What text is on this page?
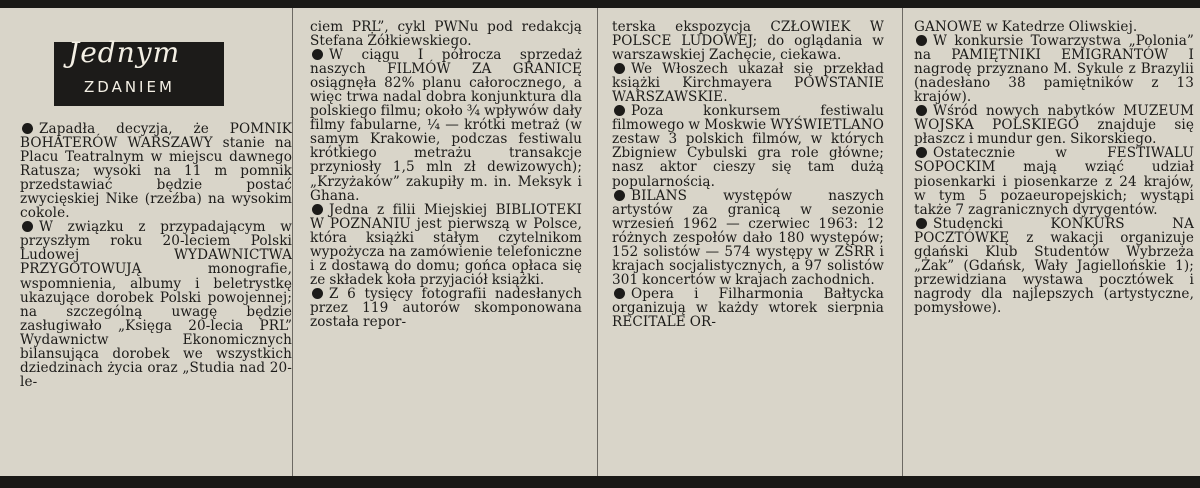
Jednym
ZDANIEM

Zapadła decyzja, że POMNIK BOHATERÓW WARSZAWY stanie na Placu Teatralnym w miejscu dawnego Ratusza; wysoki na 11 m pomnik przedstawiać będzie postać zwycięskiej Nike (rzeźba) na wysokim cokole.

W związku z przypadającym w przyszłym roku 20-leciem Polski Ludowej WYDAWNICTWA PRZYGOTOWUJĄ monografie, wspomnienia, albumy i beletrystkę ukazujące dorobek Polski powojennej; na szczególną uwagę będzie zasługiwało „Księga 20-lecia PRL” Wydawnictw Ekonomicznych bilansująca dorobek we wszystkich dziedzinach życia oraz „Studia nad 20-le-

ciem PRL”, cykl PWNu pod redakcją Stefana Żółkiewskiego.

W ciągu I półrocza sprzedaż naszych FILMÓW ZA GRANICĘ osiągnęła 82% planu całorocznego, a więc trwa nadal dobra konjunktura dla polskiego filmu; około ¾ wpływów dały filmy fabularne, ¼ — krótki metraż (w samym Krakowie, podczas festiwalu krótkiego metrażu transakcje przyniosły 1,5 mln zł dewizowych); „Krzyżaków” zakupiły m. in. Meksyk i Ghana.

Jedna z filii Miejskiej BIBLIOTEKI W POZNANIU jest pierwszą w Polsce, która książki stałym czytelnikom wypożycza na zamówienie telefoniczne i z dostawą do domu; gońca opłaca się ze składek koła przyjaciół książki.

Z 6 tysięcy fotografii nadesłanych przez 119 autorów skomponowana została repor-

terska ekspozycja CZŁOWIEK W POLSCE LUDOWEJ; do oglądania w warszawskiej Zachęcie, ciekawa.

We Włoszech ukazał się przekład książki Kirchmayera POWSTANIE WARSZAWSKIE.

Poza konkursem festiwalu filmowego w Moskwie WYŚWIETLANO zestaw 3 polskich filmów, w których Zbigniew Cybulski gra role główne; nasz aktor cieszy się tam dużą popularnością.

BILANS występów naszych artystów za granicą w sezonie wrzesień 1962 — czerwiec 1963: 12 różnych zespołów dało 180 występów; 152 solistów — 574 występy w ZSRR i krajach socjalistycznych, a 97 solistów 301 koncertów w krajach zachodnich.

Opera i Filharmonia Bałtycka organizują w każdy wtorek sierpnia RECITALE OR-

GANOWE w Katedrze Oliwskiej.

W konkursie Towarzystwa „Polonia” na PAMIĘTNIKI EMIGRANTÓW I nagrodę przyznano M. Sykule z Brazylii (nadesłano 38 pamiętników z 13 krajów).

Wśród nowych nabytków MUZEUM WOJSKA POLSKIEGO znajduje się płaszcz i mundur gen. Sikorskiego.

Ostatecznie w FESTIWALU SOPOCKIM mają wziąć udział piosenkarki i piosenkarze z 24 krajów, w tym 5 pozaeuropejskich; wystąpi także 7 zagranicznych dyrygentów.

Studencki KONKURS NA POCZTÓWKĘ z wakacji organizuje gdański Klub Studentów Wybrzeża „Żak” (Gdańsk, Wały Jagiellońskie 1); przewidziana wystawa pocztówek i nagrody dla najlepszych (artystyczne, pomysłowe).
